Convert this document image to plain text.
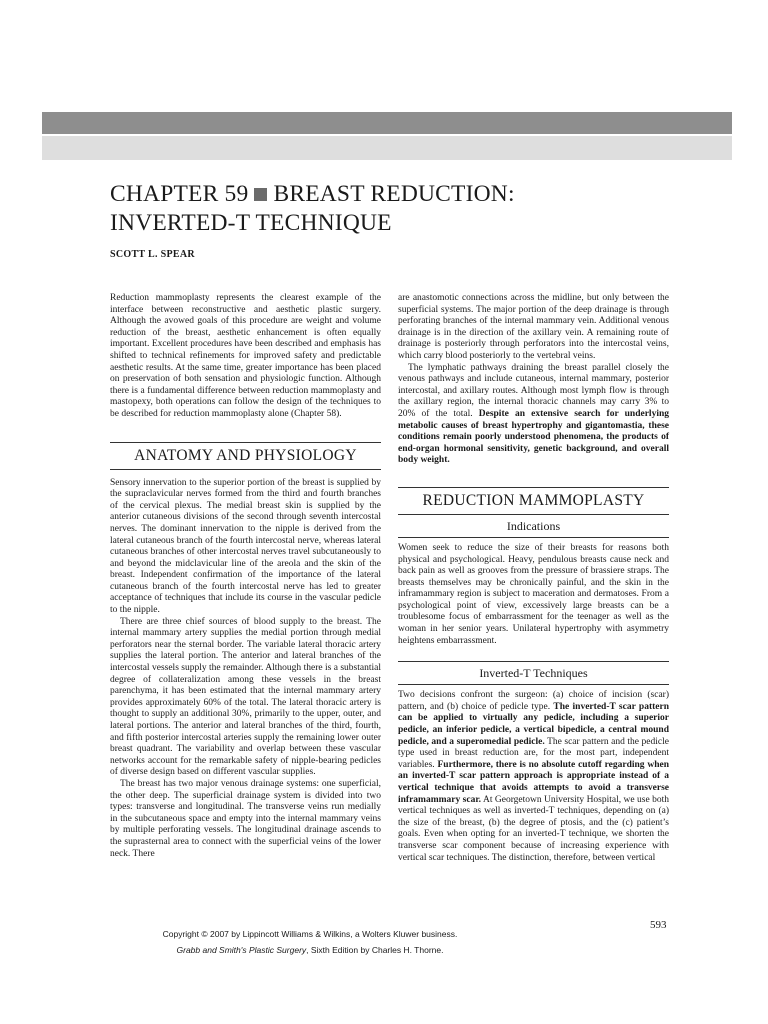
CHAPTER 59 BREAST REDUCTION:
INVERTED-T TECHNIQUE
SCOTT L. SPEAR

Reduction mammoplasty represents the clearest example of the interface between reconstructive and aesthetic plastic surgery. Although the avowed goals of this procedure are weight and volume reduction of the breast, aesthetic enhancement is often equally important. Excellent procedures have been described and emphasis has shifted to technical refinements for improved safety and predictable aesthetic results. At the same time, greater importance has been placed on preservation of both sensation and physiologic function. Although there is a fundamental difference between reduction mammoplasty and mastopexy, both operations can follow the design of the techniques to be described for reduction mammoplasty alone (Chapter 58).

ANATOMY AND PHYSIOLOGY

Sensory innervation to the superior portion of the breast is supplied by the supraclavicular nerves formed from the third and fourth branches of the cervical plexus. The medial breast skin is supplied by the anterior cutaneous divisions of the second through seventh intercostal nerves. The dominant innervation to the nipple is derived from the lateral cutaneous branch of the fourth intercostal nerve, whereas lateral cutaneous branches of other intercostal nerves travel subcutaneously to and beyond the midclavicular line of the areola and the skin of the breast. Independent confirmation of the importance of the lateral cutaneous branch of the fourth intercostal nerve has led to greater acceptance of techniques that include its course in the vascular pedicle to the nipple.

There are three chief sources of blood supply to the breast. The internal mammary artery supplies the medial portion through medial perforators near the sternal border. The variable lateral thoracic artery supplies the lateral portion. The anterior and lateral branches of the intercostal vessels supply the remainder. Although there is a substantial degree of collateralization among these vessels in the breast parenchyma, it has been estimated that the internal mammary artery provides approximately 60% of the total. The lateral thoracic artery is thought to supply an additional 30%, primarily to the upper, outer, and lateral portions. The anterior and lateral branches of the third, fourth, and fifth posterior intercostal arteries supply the remaining lower outer breast quadrant. The variability and overlap between these vascular networks account for the remarkable safety of nipple-bearing pedicles of diverse design based on different vascular supplies.

The breast has two major venous drainage systems: one superficial, the other deep. The superficial drainage system is divided into two types: transverse and longitudinal. The transverse veins run medially in the subcutaneous space and empty into the internal mammary veins by multiple perforating vessels. The longitudinal drainage ascends to the suprasternal area to connect with the superficial veins of the lower neck. There

are anastomotic connections across the midline, but only between the superficial systems. The major portion of the deep drainage is through perforating branches of the internal mammary vein. Additional venous drainage is in the direction of the axillary vein. A remaining route of drainage is posteriorly through perforators into the intercostal veins, which carry blood posteriorly to the vertebral veins.

The lymphatic pathways draining the breast parallel closely the venous pathways and include cutaneous, internal mammary, posterior intercostal, and axillary routes. Although most lymph flow is through the axillary region, the internal thoracic channels may carry 3% to 20% of the total. Despite an extensive search for underlying metabolic causes of breast hypertrophy and gigantomastia, these conditions remain poorly understood phenomena, the products of end-organ hormonal sensitivity, genetic background, and overall body weight.

REDUCTION MAMMOPLASTY
Indications

Women seek to reduce the size of their breasts for reasons both physical and psychological. Heavy, pendulous breasts cause neck and back pain as well as grooves from the pressure of brassiere straps. The breasts themselves may be chronically painful, and the skin in the inframammary region is subject to maceration and dermatoses. From a psychological point of view, excessively large breasts can be a troublesome focus of embarrassment for the teenager as well as the woman in her senior years. Unilateral hypertrophy with asymmetry heightens embarrassment.

Inverted-T Techniques

Two decisions confront the surgeon: (a) choice of incision (scar) pattern, and (b) choice of pedicle type. The inverted-T scar pattern can be applied to virtually any pedicle, including a superior pedicle, an inferior pedicle, a vertical bipedicle, a central mound pedicle, and a superomedial pedicle. The scar pattern and the pedicle type used in breast reduction are, for the most part, independent variables. Furthermore, there is no absolute cutoff regarding when an inverted-T scar pattern approach is appropriate instead of a vertical technique that avoids attempts to avoid a transverse inframammary scar. At Georgetown University Hospital, we use both vertical techniques as well as inverted-T techniques, depending on (a) the size of the breast, (b) the degree of ptosis, and the (c) patient’s goals. Even when opting for an inverted-T technique, we shorten the transverse scar component because of increasing experience with vertical scar techniques. The distinction, therefore, between vertical

593
Copyright © 2007 by Lippincott Williams & Wilkins, a Wolters Kluwer business.
Grabb and Smith's Plastic Surgery, Sixth Edition by Charles H. Thorne.
